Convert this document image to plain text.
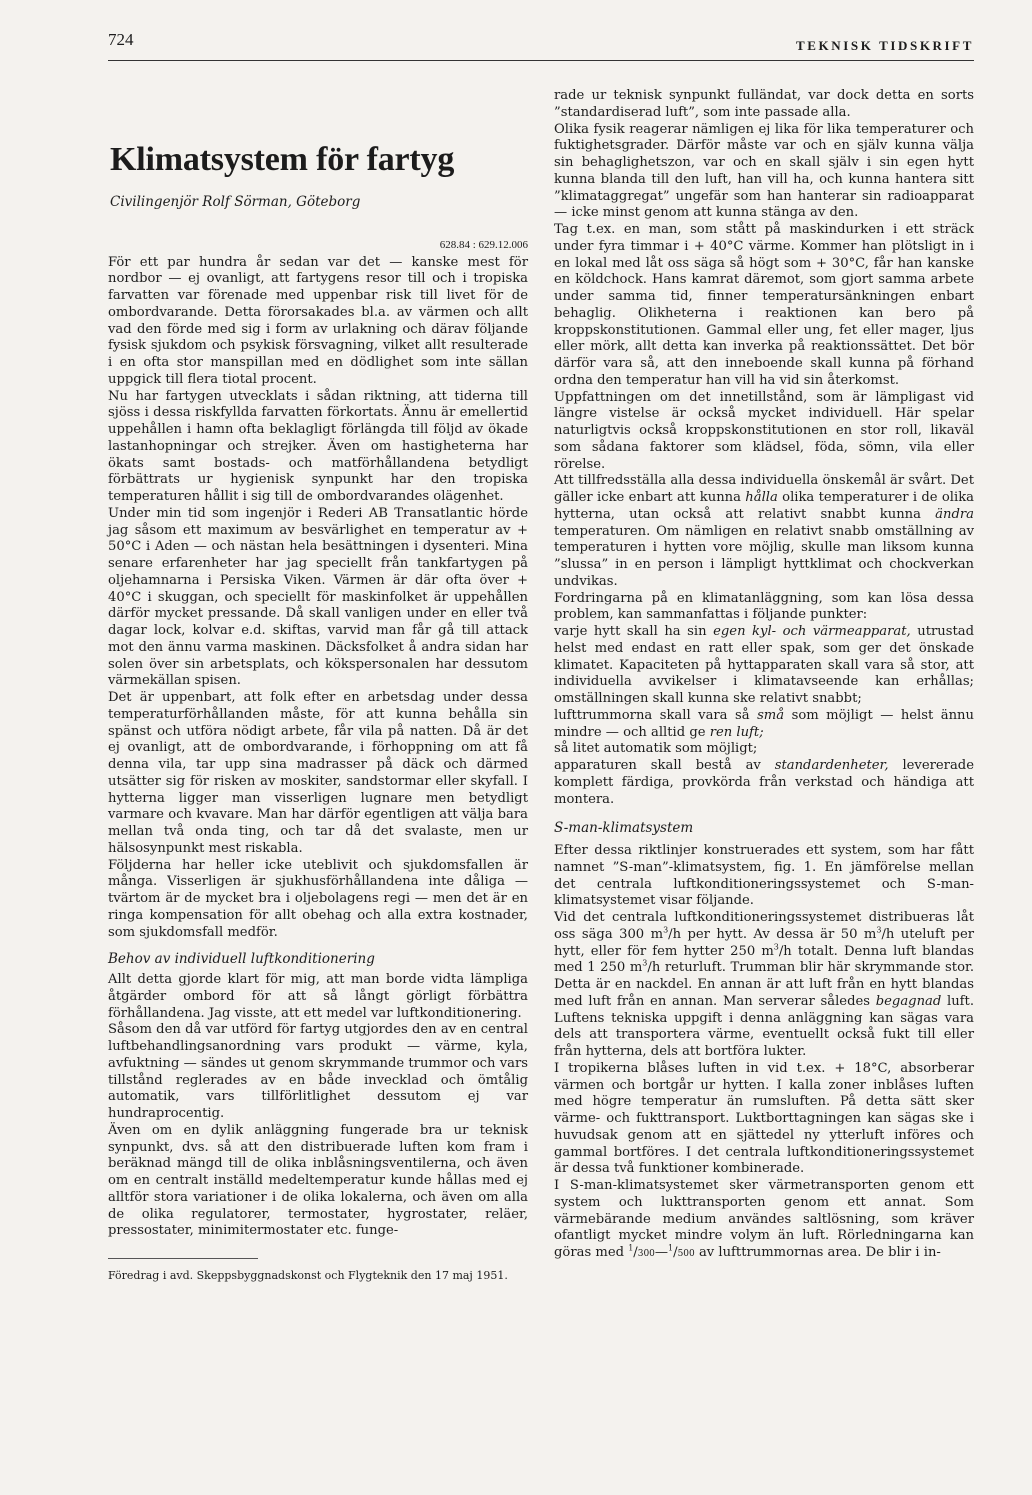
724	TEKNISK TIDSKRIFT
Klimatsystem för fartyg
Civilingenjör Rolf Sörman, Göteborg
628.84 : 629.12.006

För ett par hundra år sedan var det — kanske mest för nordbor — ej ovanligt, att fartygens resor till och i tropiska farvatten var förenade med uppenbar risk till livet för de ombordvarande. Detta förorsakades bl.a. av värmen och allt vad den förde med sig i form av urlakning och därav följande fysisk sjukdom och psykisk försvagning, vilket allt resulterade i en ofta stor manspillan med en dödlighet som inte sällan uppgick till flera tiotal procent.

Nu har fartygen utvecklats i sådan riktning, att tiderna till sjöss i dessa riskfyllda farvatten förkortats. Ännu är emellertid uppehållen i hamn ofta beklagligt förlängda till följd av ökade lastanhopningar och strejker. Även om hastigheterna har ökats samt bostads- och matförhållandena betydligt förbättrats ur hygienisk synpunkt har den tropiska temperaturen hållit i sig till de ombordvarandes olägenhet.

Under min tid som ingenjör i Rederi AB Transatlantic hörde jag såsom ett maximum av besvärlighet en temperatur av + 50°C i Aden — och nästan hela besättningen i dysenteri. Mina senare erfarenheter har jag speciellt från tankfartygen på oljehamnarna i Persiska Viken. Värmen är där ofta över + 40°C i skuggan, och speciellt för maskinfolket är uppehållen därför mycket pressande. Då skall vanligen under en eller två dagar lock, kolvar e.d. skiftas, varvid man får gå till attack mot den ännu varma maskinen. Däcksfolket å andra sidan har solen över sin arbetsplats, och kökspersonalen har dessutom värmekällan spisen.

Det är uppenbart, att folk efter en arbetsdag under dessa temperaturförhållanden måste, för att kunna behålla sin spänst och utföra nödigt arbete, får vila på natten. Då är det ej ovanligt, att de ombordvarande, i förhoppning om att få denna vila, tar upp sina madrasser på däck och därmed utsätter sig för risken av moskiter, sandstormar eller skyfall. I hytterna ligger man visserligen lugnare men betydligt varmare och kvavare. Man har därför egentligen att välja bara mellan två onda ting, och tar då det svalaste, men ur hälsosynpunkt mest riskabla.

Följderna har heller icke uteblivit och sjukdomsfallen är många. Visserligen är sjukhusförhållandena inte dåliga — tvärtom är de mycket bra i oljebolagens regi — men det är en ringa kompensation för allt obehag och alla extra kostnader, som sjukdomsfall medför.

Behov av individuell luftkonditionering

Allt detta gjorde klart för mig, att man borde vidta lämpliga åtgärder ombord för att så långt görligt förbättra förhållandena. Jag visste, att ett medel var luftkonditionering.

Såsom den då var utförd för fartyg utgjordes den av en central luftbehandlingsanordning vars produkt — värme, kyla, avfuktning — sändes ut genom skrymmande trummor och vars tillstånd reglerades av en både invecklad och ömtålig automatik, vars tillförlitlighet dessutom ej var hundraprocentig.

Även om en dylik anläggning fungerade bra ur teknisk synpunkt, dvs. så att den distribuerade luften kom fram i beräknad mängd till de olika inblåsningsventilerna, och även om en centralt inställd medeltemperatur kunde hållas med ej alltför stora variationer i de olika lokalerna, och även om alla de olika regulatorer, termostater, hygrostater, reläer, pressostater, minimitermostater etc. funge-

Föredrag i avd. Skeppsbyggnadskonst och Flygteknik den 17 maj 1951.

rade ur teknisk synpunkt fulländat, var dock detta en sorts ”standardiserad luft”, som inte passade alla.

Olika fysik reagerar nämligen ej lika för lika temperaturer och fuktighetsgrader. Därför måste var och en själv kunna välja sin behaglighetszon, var och en skall själv i sin egen hytt kunna blanda till den luft, han vill ha, och kunna hantera sitt ”klimataggregat” ungefär som han hanterar sin radioapparat — icke minst genom att kunna stänga av den.

Tag t.ex. en man, som stått på maskindurken i ett sträck under fyra timmar i + 40°C värme. Kommer han plötsligt in i en lokal med låt oss säga så högt som + 30°C, får han kanske en köldchock. Hans kamrat däremot, som gjort samma arbete under samma tid, finner temperatursänkningen enbart behaglig. Olikheterna i reaktionen kan bero på kroppskonstitutionen. Gammal eller ung, fet eller mager, ljus eller mörk, allt detta kan inverka på reaktionssättet. Det bör därför vara så, att den inneboende skall kunna på förhand ordna den temperatur han vill ha vid sin återkomst.

Uppfattningen om det innetillstånd, som är lämpligast vid längre vistelse är också mycket individuell. Här spelar naturligtvis också kroppskonstitutionen en stor roll, likaväl som sådana faktorer som klädsel, föda, sömn, vila eller rörelse.

Att tillfredsställa alla dessa individuella önskemål är svårt. Det gäller icke enbart att kunna hålla olika temperaturer i de olika hytterna, utan också att relativt snabbt kunna ändra temperaturen. Om nämligen en relativt snabb omställning av temperaturen i hytten vore möjlig, skulle man liksom kunna ”slussa” in en person i lämpligt hyttklimat och chockverkan undvikas.

Fordringarna på en klimatanläggning, som kan lösa dessa problem, kan sammanfattas i följande punkter:

varje hytt skall ha sin egen kyl- och värmeapparat, utrustad helst med endast en ratt eller spak, som ger det önskade klimatet. Kapaciteten på hyttapparaten skall vara så stor, att individuella avvikelser i klimatavseende kan erhållas; omställningen skall kunna ske relativt snabbt;

lufttrummorna skall vara så små som möjligt — helst ännu mindre — och alltid ge ren luft;

så litet automatik som möjligt;

apparaturen skall bestå av standardenheter, levererade komplett färdiga, provkörda från verkstad och händiga att montera.

S-man-klimatsystem

Efter dessa riktlinjer konstruerades ett system, som har fått namnet ”S-man”-klimatsystem, fig. 1. En jämförelse mellan det centrala luftkonditioneringssystemet och S-man-klimatsystemet visar följande.

Vid det centrala luftkonditioneringssystemet distribueras låt oss säga 300 $m^3/h$ per hytt. Av dessa är 50 $m^3/h$ uteluft per hytt, eller för fem hytter 250 $m^3/h$ totalt. Denna luft blandas med 1 250 $m^3/h$ returluft. Trumman blir här skrymmande stor. Detta är en nackdel. En annan är att luft från en hytt blandas med luft från en annan. Man serverar således begagnad luft. Luftens tekniska uppgift i denna anläggning kan sägas vara dels att transportera värme, eventuellt också fukt till eller från hytterna, dels att bortföra lukter.

I tropikerna blåses luften in vid t.ex. + 18°C, absorberar värmen och bortgår ur hytten. I kalla zoner inblåses luften med högre temperatur än rumsluften. På detta sätt sker värme- och fukttransport. Luktborttagningen kan sägas ske i huvudsak genom att en sjättedel ny ytterluft införes och gammal bortföres. I det centrala luftkonditioneringssystemet är dessa två funktioner kombinerade.

I S-man-klimatsystemet sker värmetransporten genom ett system och lukttransporten genom ett annat. Som värmebärande medium användes saltlösning, som kräver ofantligt mycket mindre volym än luft. Rörledningarna kan göras med $^1$/300—$^1$/500 av lufttrummornas area. De blir i in-
